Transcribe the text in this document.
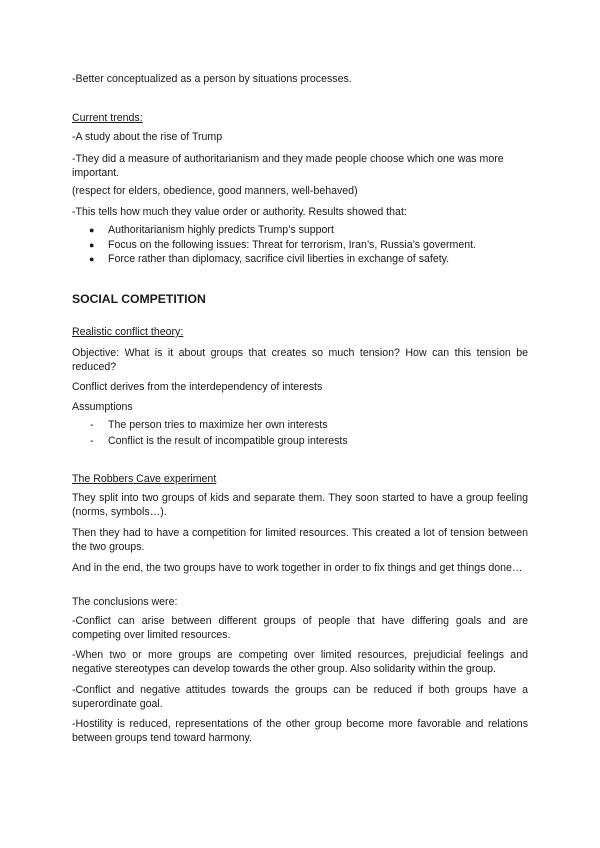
-Better conceptualized as a person by situations processes.

Current trends:

-A study about the rise of Trump

-They did a measure of authoritarianism and they made people choose which one was more important.

(respect for elders, obedience, good manners, well-behaved)

-This tells how much they value order or authority. Results showed that:

● Authoritarianism highly predicts Trump’s support
● Focus on the following issues: Threat for terrorism, Iran’s, Russia’s goverment.
● Force rather than diplomacy, sacrifice civil liberties in exchange of safety.

SOCIAL COMPETITION

Realistic conflict theory:

Objective: What is it about groups that creates so much tension? How can this tension be reduced?

Conflict derives from the interdependency of interests

Assumptions

- The person tries to maximize her own interests
- Conflict is the result of incompatible group interests

The Robbers Cave experiment

They split into two groups of kids and separate them. They soon started to have a group feeling (norms, symbols…).

Then they had to have a competition for limited resources. This created a lot of tension between the two groups.

And in the end, the two groups have to work together in order to fix things and get things done…

The conclusions were:

-Conflict can arise between different groups of people that have differing goals and are competing over limited resources.

-When two or more groups are competing over limited resources, prejudicial feelings and negative stereotypes can develop towards the other group. Also solidarity within the group.

-Conflict and negative attitudes towards the groups can be reduced if both groups have a superordinate goal.

-Hostility is reduced, representations of the other group become more favorable and relations between groups tend toward harmony.
